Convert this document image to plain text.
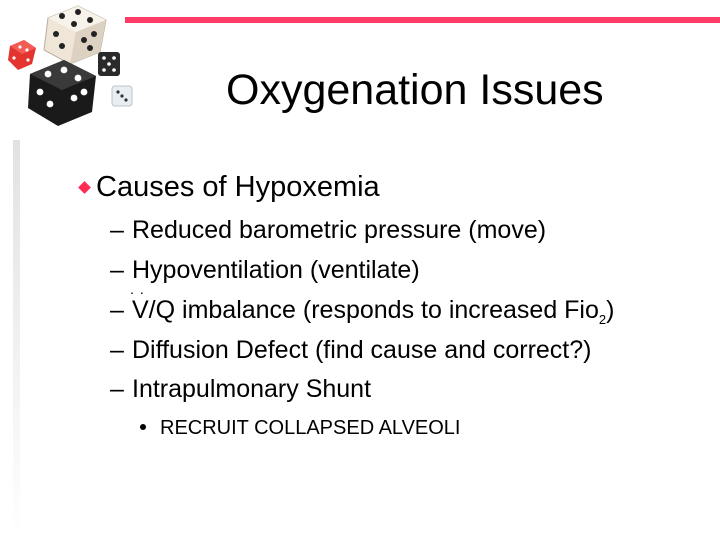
Oxygenation Issues
Causes of Hypoxemia
– Reduced barometric pressure (move)
– Hypoventilation (ventilate)
..
– V/Q imbalance (responds to increased Fio$_2$)
– Diffusion Defect (find cause and correct?)
– Intrapulmonary Shunt
RECRUIT COLLAPSED ALVEOLI
